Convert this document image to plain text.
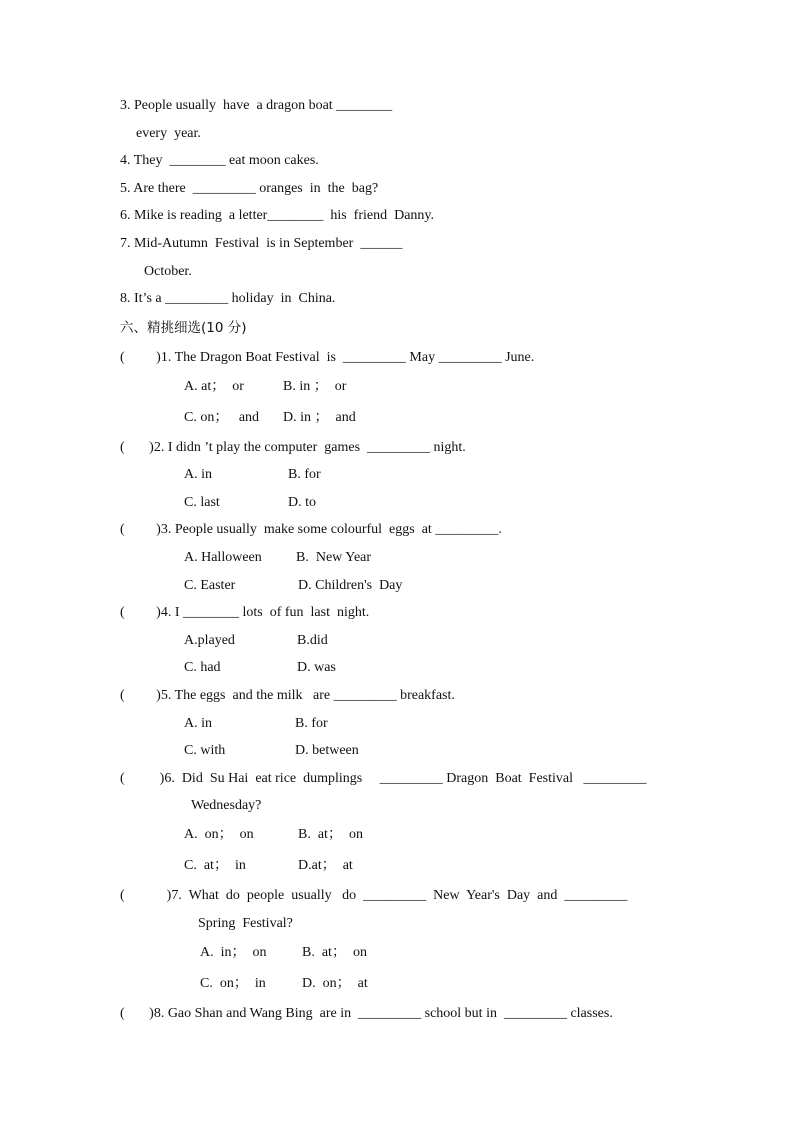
3. People usually  have  a dragon boat ________
every  year.
4. They  ________ eat moon cakes.
5. Are there  _________ oranges  in  the  bag?
6. Mike is reading  a letter________  his  friend  Danny.
7. Mid-Autumn  Festival  is in September  ______
October.
8. It’s a _________ holiday  in  China.
六、精挑细选(10 分)
(         )1. The Dragon Boat Festival  is  _________ May _________ June.
A. at；  or	B. in ；  or
C. on；   and D. in ；  and
(       )2. I didn ’t play the computer  games  _________ night.
A. in	B. for
C. last	D. to
(         )3. People usually  make some colourful  eggs  at _________.
A. Halloween B.  New Year
C. Easter	D. Children's  Day
(         )4. I ________ lots  of fun  last  night.
A.played	B.did
C. had	D. was
(         )5. The eggs  and the milk   are _________ breakfast.
A. in	B. for
C. with	D. between
(          )6.  Did  Su Hai  eat rice  dumplings     _________ Dragon  Boat  Festival   _________
Wednesday?
A.  on；  on	B.  at；  on
C.  at；  in	D.at；  at
(            )7.  What  do  people  usually   do  _________  New  Year's  Day  and  _________
Spring  Festival?
A.  in；  on	B.  at；  on
C.  on；  in	D.  on；  at
(       )8. Gao Shan and Wang Bing  are in  _________ school but in  _________ classes.
